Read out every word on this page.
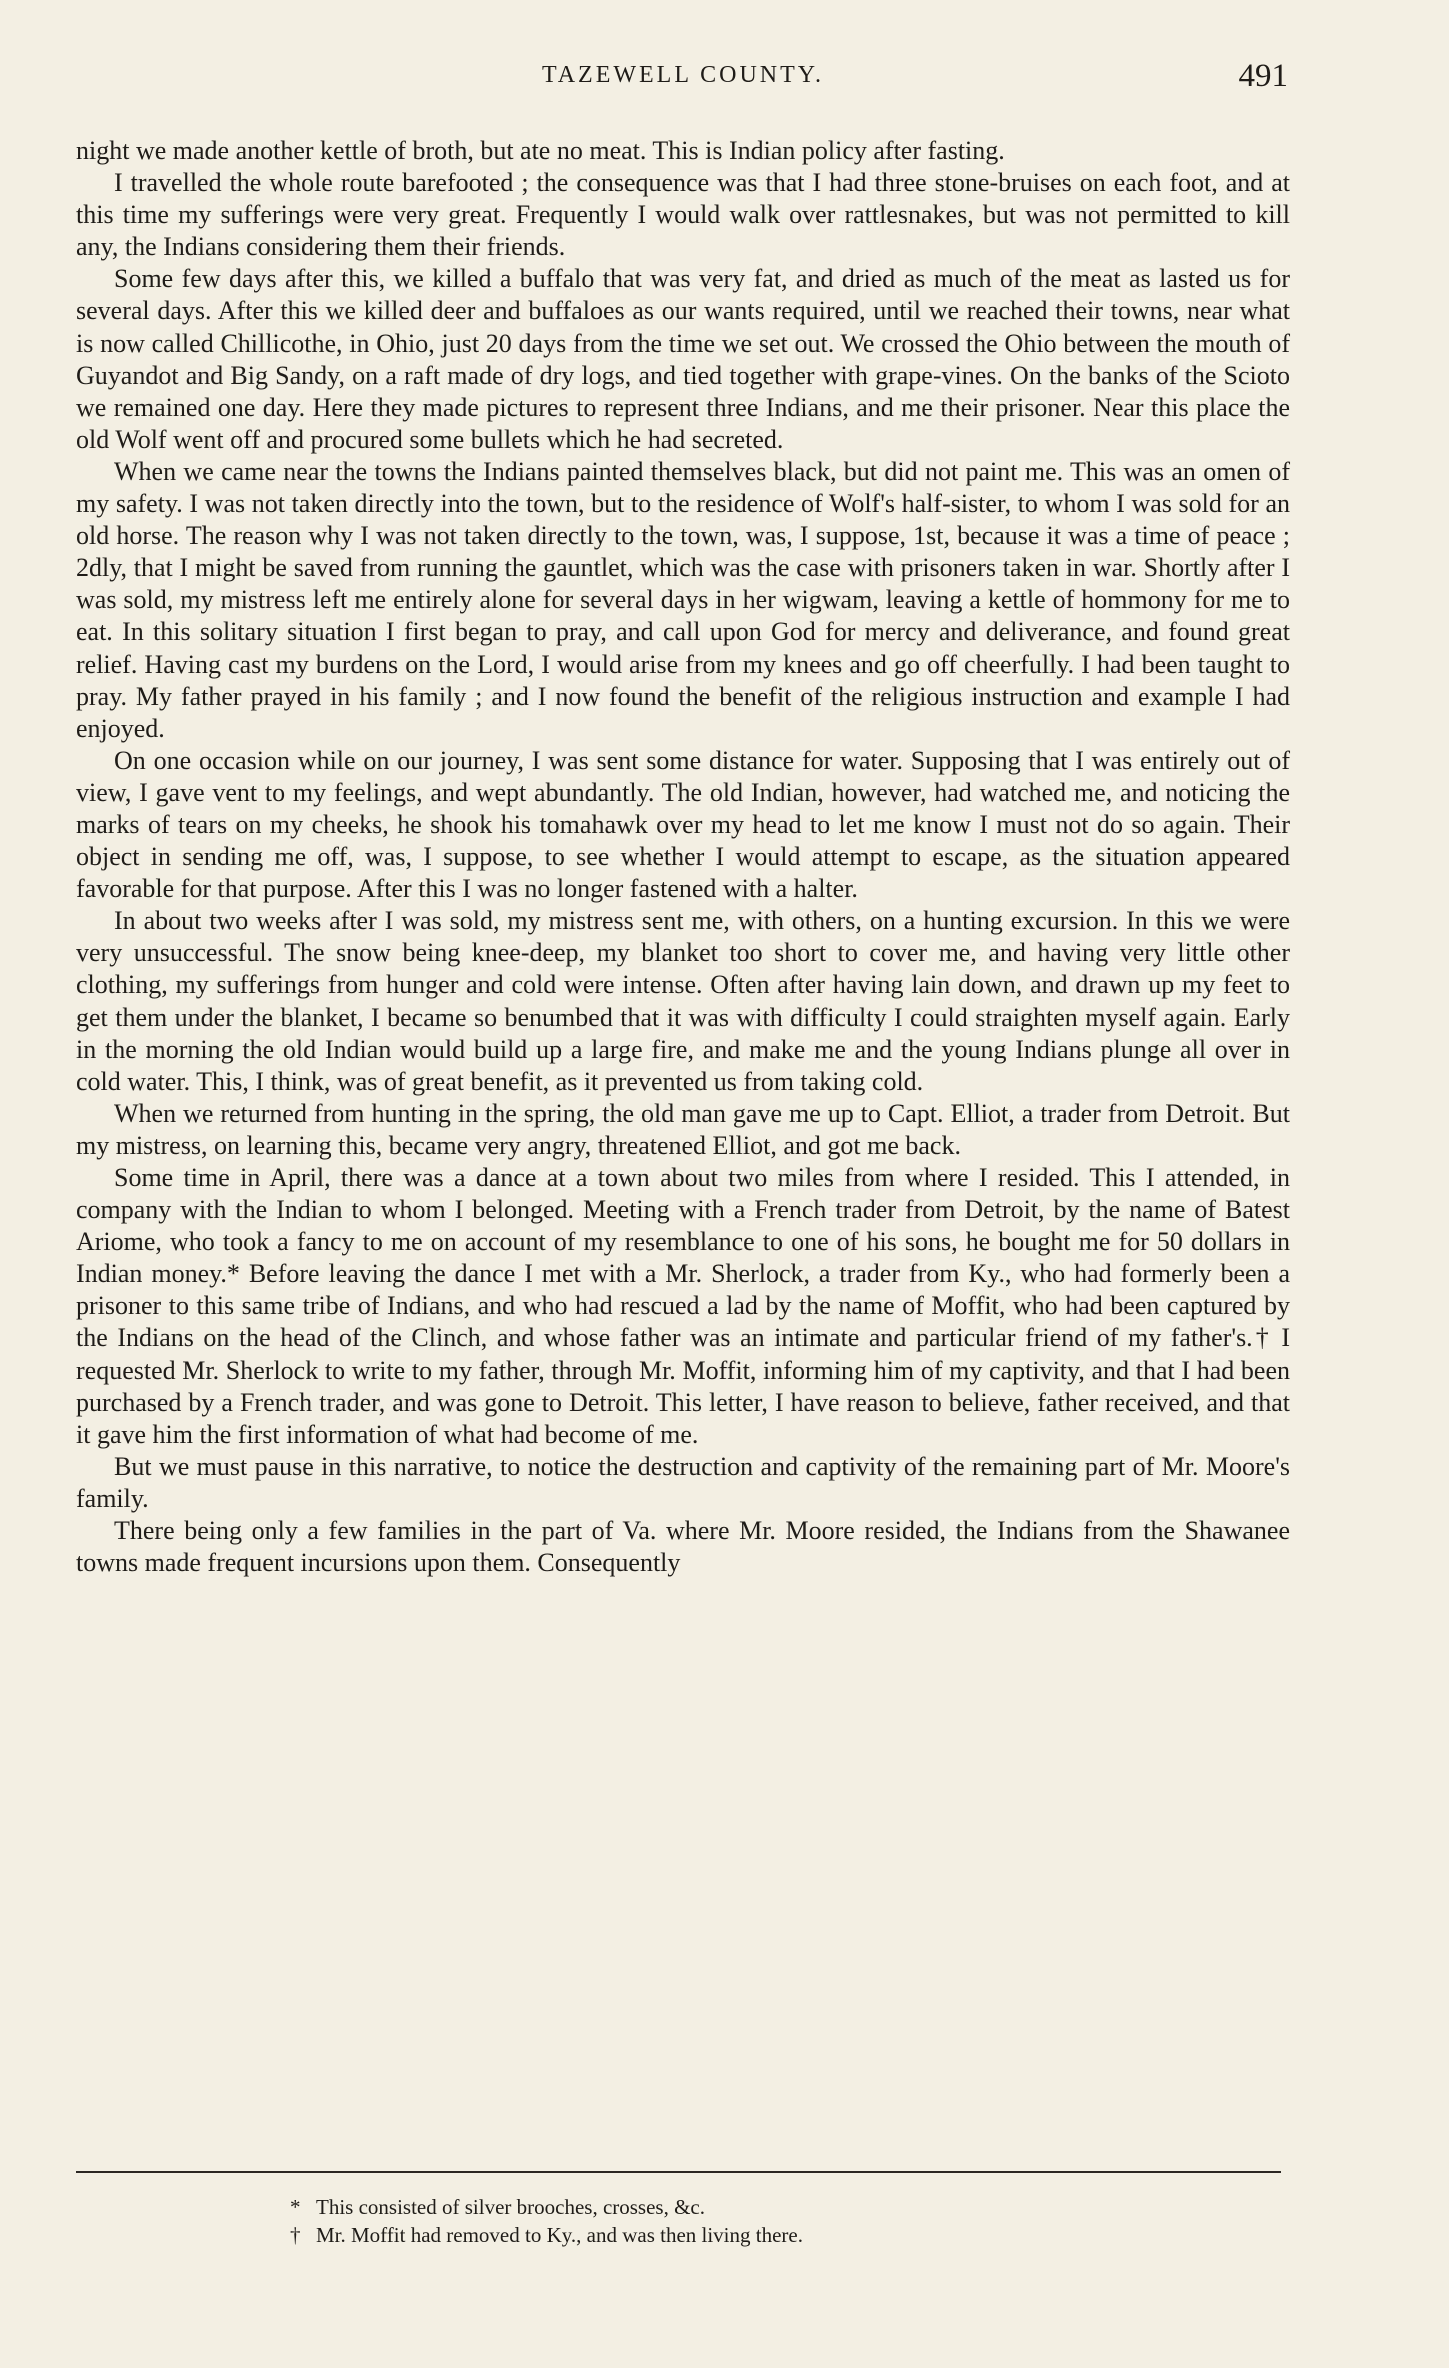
TAZEWELL COUNTY.	491

night we made another kettle of broth, but ate no meat. This is Indian policy after fasting.

I travelled the whole route barefooted ; the consequence was that I had three stone-bruises on each foot, and at this time my sufferings were very great. Frequently I would walk over rattlesnakes, but was not permitted to kill any, the Indians considering them their friends.

Some few days after this, we killed a buffalo that was very fat, and dried as much of the meat as lasted us for several days. After this we killed deer and buffaloes as our wants required, until we reached their towns, near what is now called Chillicothe, in Ohio, just 20 days from the time we set out. We crossed the Ohio between the mouth of Guyandot and Big Sandy, on a raft made of dry logs, and tied together with grape-vines. On the banks of the Scioto we remained one day. Here they made pictures to represent three Indians, and me their prisoner. Near this place the old Wolf went off and procured some bullets which he had secreted.

When we came near the towns the Indians painted themselves black, but did not paint me. This was an omen of my safety. I was not taken directly into the town, but to the residence of Wolf's half-sister, to whom I was sold for an old horse. The reason why I was not taken directly to the town, was, I suppose, 1st, because it was a time of peace ; 2dly, that I might be saved from running the gauntlet, which was the case with prisoners taken in war. Shortly after I was sold, my mistress left me entirely alone for several days in her wigwam, leaving a kettle of hommony for me to eat. In this solitary situation I first began to pray, and call upon God for mercy and deliverance, and found great relief. Having cast my burdens on the Lord, I would arise from my knees and go off cheerfully. I had been taught to pray. My father prayed in his family ; and I now found the benefit of the religious instruction and example I had enjoyed.

On one occasion while on our journey, I was sent some distance for water. Supposing that I was entirely out of view, I gave vent to my feelings, and wept abundantly. The old Indian, however, had watched me, and noticing the marks of tears on my cheeks, he shook his tomahawk over my head to let me know I must not do so again. Their object in sending me off, was, I suppose, to see whether I would attempt to escape, as the situation appeared favorable for that purpose. After this I was no longer fastened with a halter.

In about two weeks after I was sold, my mistress sent me, with others, on a hunting excursion. In this we were very unsuccessful. The snow being knee-deep, my blanket too short to cover me, and having very little other clothing, my sufferings from hunger and cold were intense. Often after having lain down, and drawn up my feet to get them under the blanket, I became so benumbed that it was with difficulty I could straighten myself again. Early in the morning the old Indian would build up a large fire, and make me and the young Indians plunge all over in cold water. This, I think, was of great benefit, as it prevented us from taking cold.

When we returned from hunting in the spring, the old man gave me up to Capt. Elliot, a trader from Detroit. But my mistress, on learning this, became very angry, threatened Elliot, and got me back.

Some time in April, there was a dance at a town about two miles from where I resided. This I attended, in company with the Indian to whom I belonged. Meeting with a French trader from Detroit, by the name of Batest Ariome, who took a fancy to me on account of my resemblance to one of his sons, he bought me for 50 dollars in Indian money.* Before leaving the dance I met with a Mr. Sherlock, a trader from Ky., who had formerly been a prisoner to this same tribe of Indians, and who had rescued a lad by the name of Moffit, who had been captured by the Indians on the head of the Clinch, and whose father was an intimate and particular friend of my father's.† I requested Mr. Sherlock to write to my father, through Mr. Moffit, informing him of my captivity, and that I had been purchased by a French trader, and was gone to Detroit. This letter, I have reason to believe, father received, and that it gave him the first information of what had become of me.

But we must pause in this narrative, to notice the destruction and captivity of the remaining part of Mr. Moore's family.

There being only a few families in the part of Va. where Mr. Moore resided, the Indians from the Shawanee towns made frequent incursions upon them. Consequently

* This consisted of silver brooches, crosses, &c.
† Mr. Moffit had removed to Ky., and was then living there.
